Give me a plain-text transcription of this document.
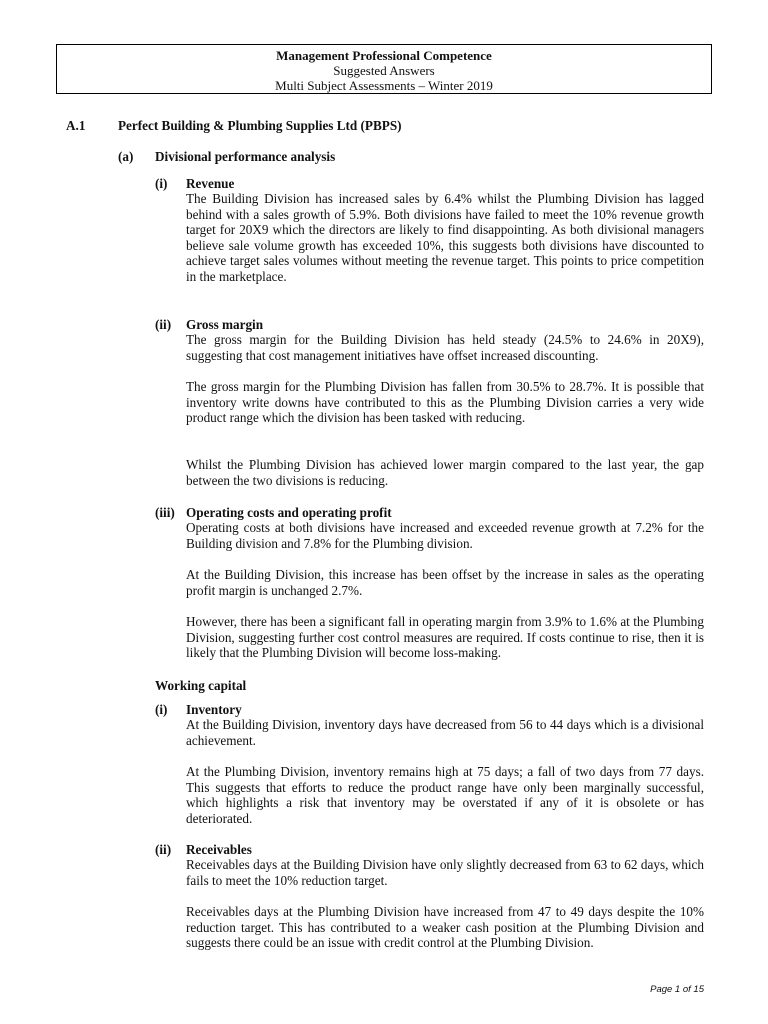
Management Professional Competence
Suggested Answers
Multi Subject Assessments – Winter 2019
A.1 Perfect Building & Plumbing Supplies Ltd (PBPS)
(a) Divisional performance analysis
(i) Revenue
The Building Division has increased sales by 6.4% whilst the Plumbing Division has lagged behind with a sales growth of 5.9%. Both divisions have failed to meet the 10% revenue growth target for 20X9 which the directors are likely to find disappointing. As both divisional managers believe sale volume growth has exceeded 10%, this suggests both divisions have discounted to achieve target sales volumes without meeting the revenue target. This points to price competition in the marketplace.
(ii) Gross margin
The gross margin for the Building Division has held steady (24.5% to 24.6% in 20X9), suggesting that cost management initiatives have offset increased discounting.
The gross margin for the Plumbing Division has fallen from 30.5% to 28.7%. It is possible that inventory write downs have contributed to this as the Plumbing Division carries a very wide product range which the division has been tasked with reducing.
Whilst the Plumbing Division has achieved lower margin compared to the last year, the gap between the two divisions is reducing.
(iii) Operating costs and operating profit
Operating costs at both divisions have increased and exceeded revenue growth at 7.2% for the Building division and 7.8% for the Plumbing division.
At the Building Division, this increase has been offset by the increase in sales as the operating profit margin is unchanged 2.7%.
However, there has been a significant fall in operating margin from 3.9% to 1.6% at the Plumbing Division, suggesting further cost control measures are required. If costs continue to rise, then it is likely that the Plumbing Division will become loss-making.
Working capital
(i) Inventory
At the Building Division, inventory days have decreased from 56 to 44 days which is a divisional achievement.
At the Plumbing Division, inventory remains high at 75 days; a fall of two days from 77 days. This suggests that efforts to reduce the product range have only been marginally successful, which highlights a risk that inventory may be overstated if any of it is obsolete or has deteriorated.
(ii) Receivables
Receivables days at the Building Division have only slightly decreased from 63 to 62 days, which fails to meet the 10% reduction target.
Receivables days at the Plumbing Division have increased from 47 to 49 days despite the 10% reduction target. This has contributed to a weaker cash position at the Plumbing Division and suggests there could be an issue with credit control at the Plumbing Division.
Page 1 of 15
